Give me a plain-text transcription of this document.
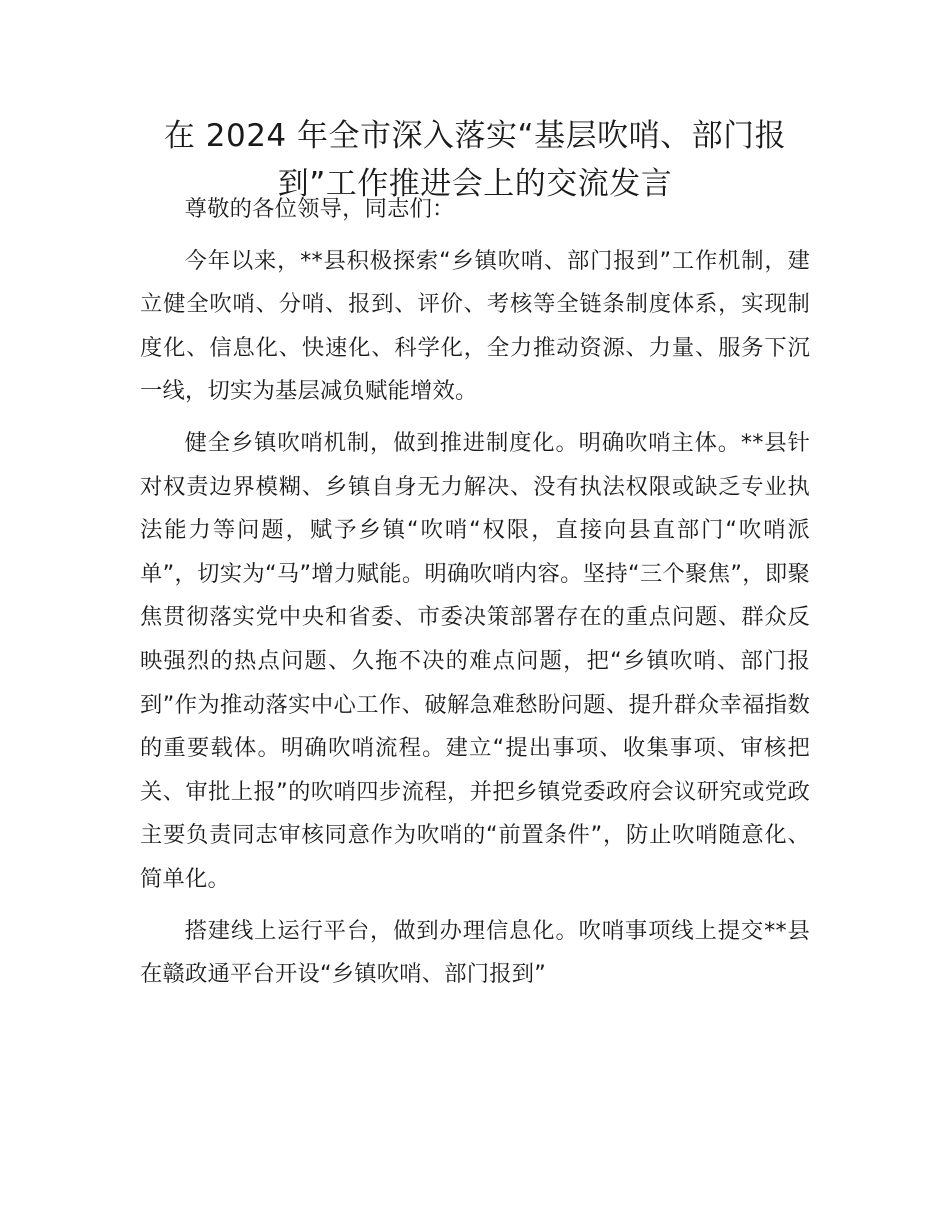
在 2024 年全市深入落实“基层吹哨、部门报到”工作推进会上的交流发言

尊敬的各位领导，同志们：

今年以来，**县积极探索“乡镇吹哨、部门报到”工作机制，建立健全吹哨、分哨、报到、评价、考核等全链条制度体系，实现制度化、信息化、快速化、科学化，全力推动资源、力量、服务下沉一线，切实为基层减负赋能增效。

健全乡镇吹哨机制，做到推进制度化。明确吹哨主体。**县针对权责边界模糊、乡镇自身无力解决、没有执法权限或缺乏专业执法能力等问题，赋予乡镇“吹哨“权限，直接向县直部门“吹哨派单”，切实为“马”增力赋能。明确吹哨内容。坚持“三个聚焦”，即聚焦贯彻落实党中央和省委、市委决策部署存在的重点问题、群众反映强烈的热点问题、久拖不决的难点问题，把“乡镇吹哨、部门报到”作为推动落实中心工作、破解急难愁盼问题、提升群众幸福指数的重要载体。明确吹哨流程。建立“提出事项、收集事项、审核把关、审批上报”的吹哨四步流程，并把乡镇党委政府会议研究或党政主要负责同志审核同意作为吹哨的“前置条件”，防止吹哨随意化、简单化。

搭建线上运行平台，做到办理信息化。吹哨事项线上提交**县在赣政通平台开设“乡镇吹哨、部门报到”
